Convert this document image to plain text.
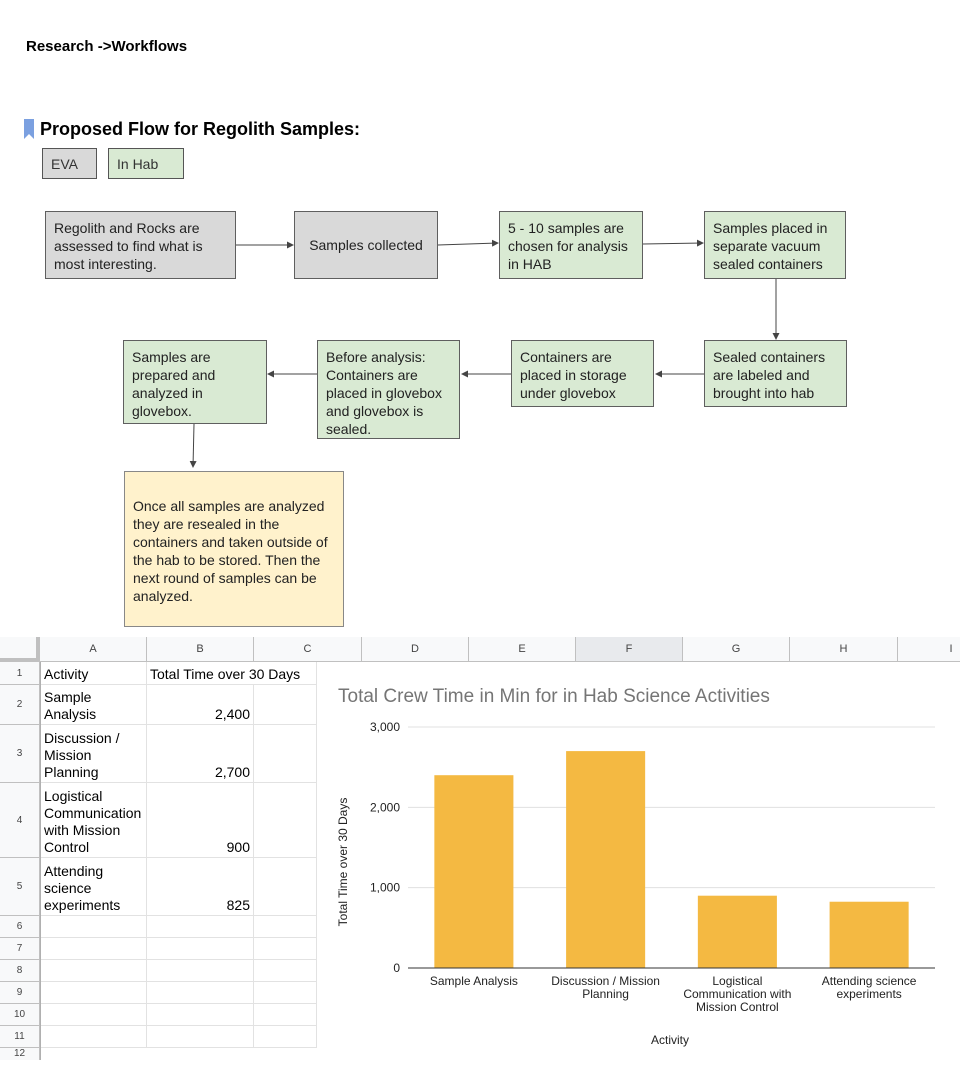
Research ->Workflows
Proposed Flow for Regolith Samples:
EVA	In Hab
Regolith and Rocks are assessed to find what is most interesting.
Samples collected
5 - 10 samples are chosen for analysis in HAB
Samples placed in separate vacuum sealed containers
Sealed containers are labeled and brought into hab
Containers are placed in storage under glovebox
Before analysis: Containers are placed in glovebox and glovebox is sealed.
Samples are prepared and analyzed in glovebox.
Once all samples are analyzed they are resealed in the containers and taken outside of the hab to be stored. Then the next round of samples can be analyzed.
A	B	C	D	E	F	G	H	I
1
2
3
4
5
6
7
8
9
10
11
12
Activity	Total Time over 30 Days
Sample Analysis	2,400
Discussion / Mission Planning	2,700
Logistical Communication with Mission Control	900
Attending science experiments	825
Total Crew Time in Min for in Hab Science Activities
0
1,000
2,000
3,000
Sample Analysis	Discussion / Mission Planning
Logistical Communication with Mission Control
Attending science experiments
Total Time over 30 Days
Activity
